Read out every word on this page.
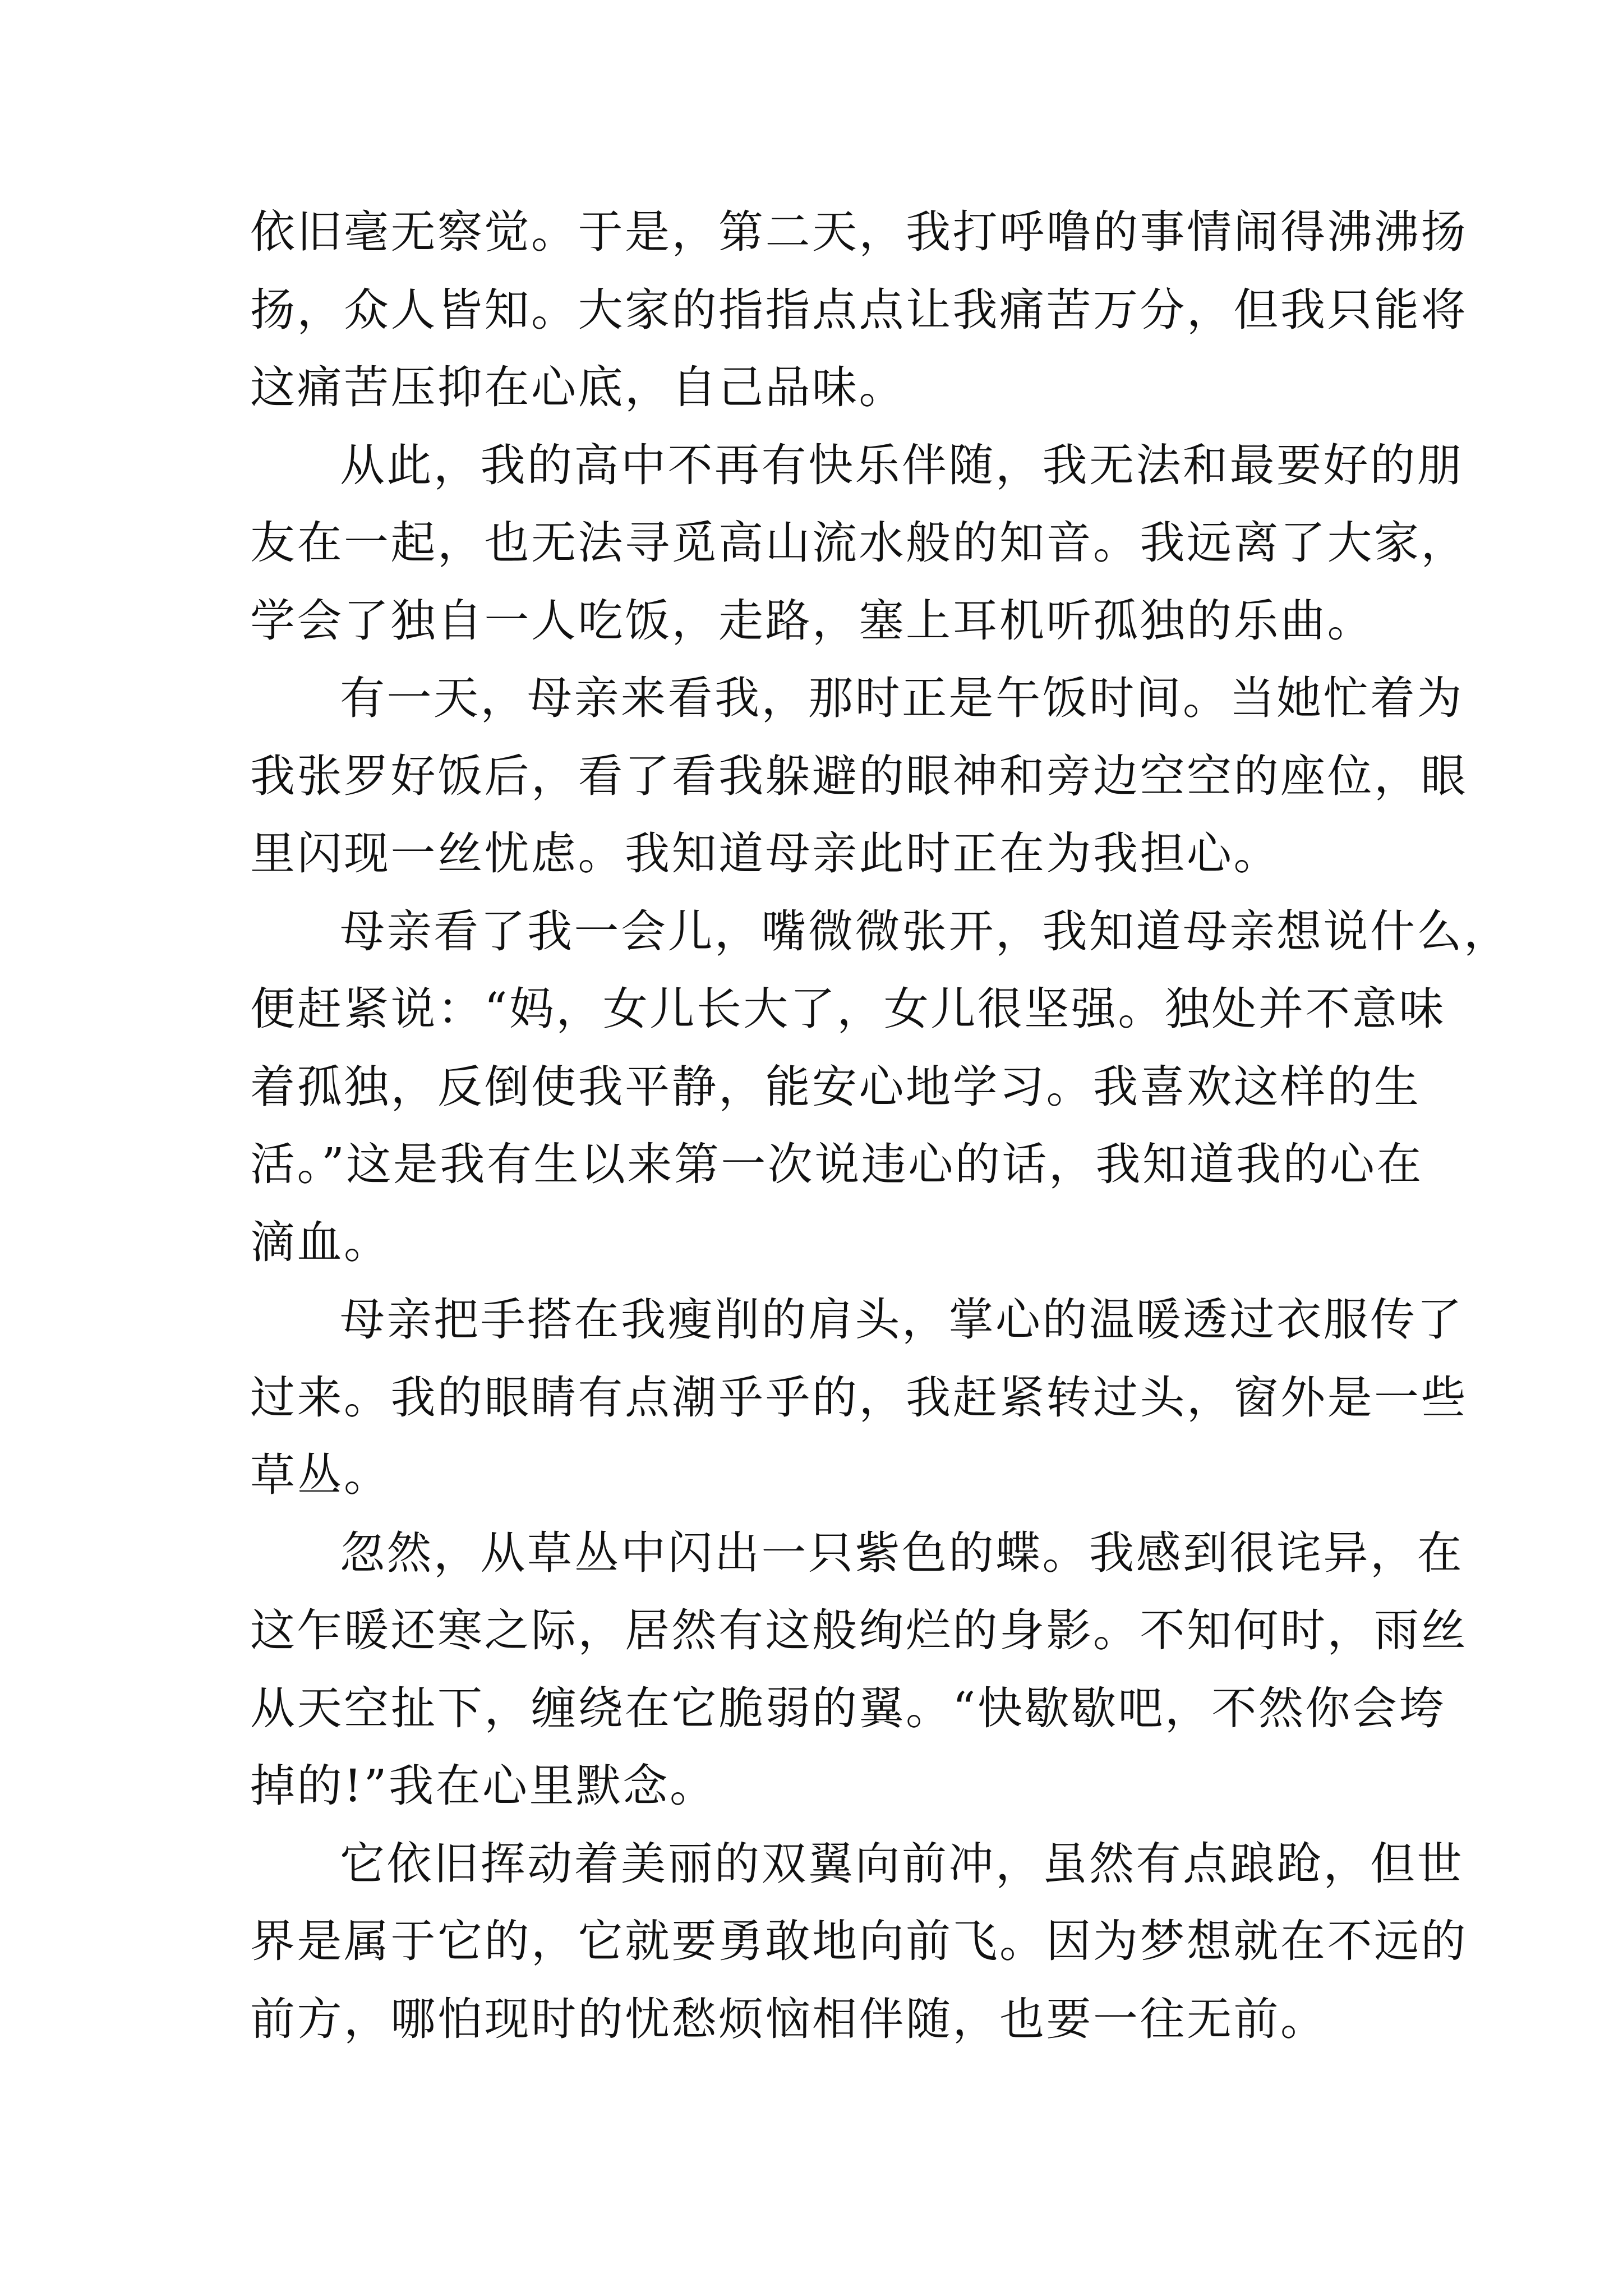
依旧毫无察觉。于是，第二天，我打呼噜的事情闹得沸沸扬
扬，众人皆知。大家的指指点点让我痛苦万分，但我只能将
这痛苦压抑在心底，自己品味。
从此，我的高中不再有快乐伴随，我无法和最要好的朋
友在一起，也无法寻觅高山流水般的知音。我远离了大家，
学会了独自一人吃饭，走路，塞上耳机听孤独的乐曲。
有一天，母亲来看我，那时正是午饭时间。当她忙着为
我张罗好饭后，看了看我躲避的眼神和旁边空空的座位，眼
里闪现一丝忧虑。我知道母亲此时正在为我担心。
母亲看了我一会儿，嘴微微张开，我知道母亲想说什么，
便赶紧说：“妈，女儿长大了，女儿很坚强。独处并不意味
着孤独，反倒使我平静，能安心地学习。我喜欢这样的生
活。”这是我有生以来第一次说违心的话，我知道我的心在
滴血。
母亲把手搭在我瘦削的肩头，掌心的温暖透过衣服传了
过来。我的眼睛有点潮乎乎的，我赶紧转过头，窗外是一些
草丛。
忽然，从草丛中闪出一只紫色的蝶。我感到很诧异，在
这乍暖还寒之际，居然有这般绚烂的身影。不知何时，雨丝
从天空扯下，缠绕在它脆弱的翼。“快歇歇吧，不然你会垮
掉的!”我在心里默念。
它依旧挥动着美丽的双翼向前冲，虽然有点踉跄，但世
界是属于它的，它就要勇敢地向前飞。因为梦想就在不远的
前方，哪怕现时的忧愁烦恼相伴随，也要一往无前。
